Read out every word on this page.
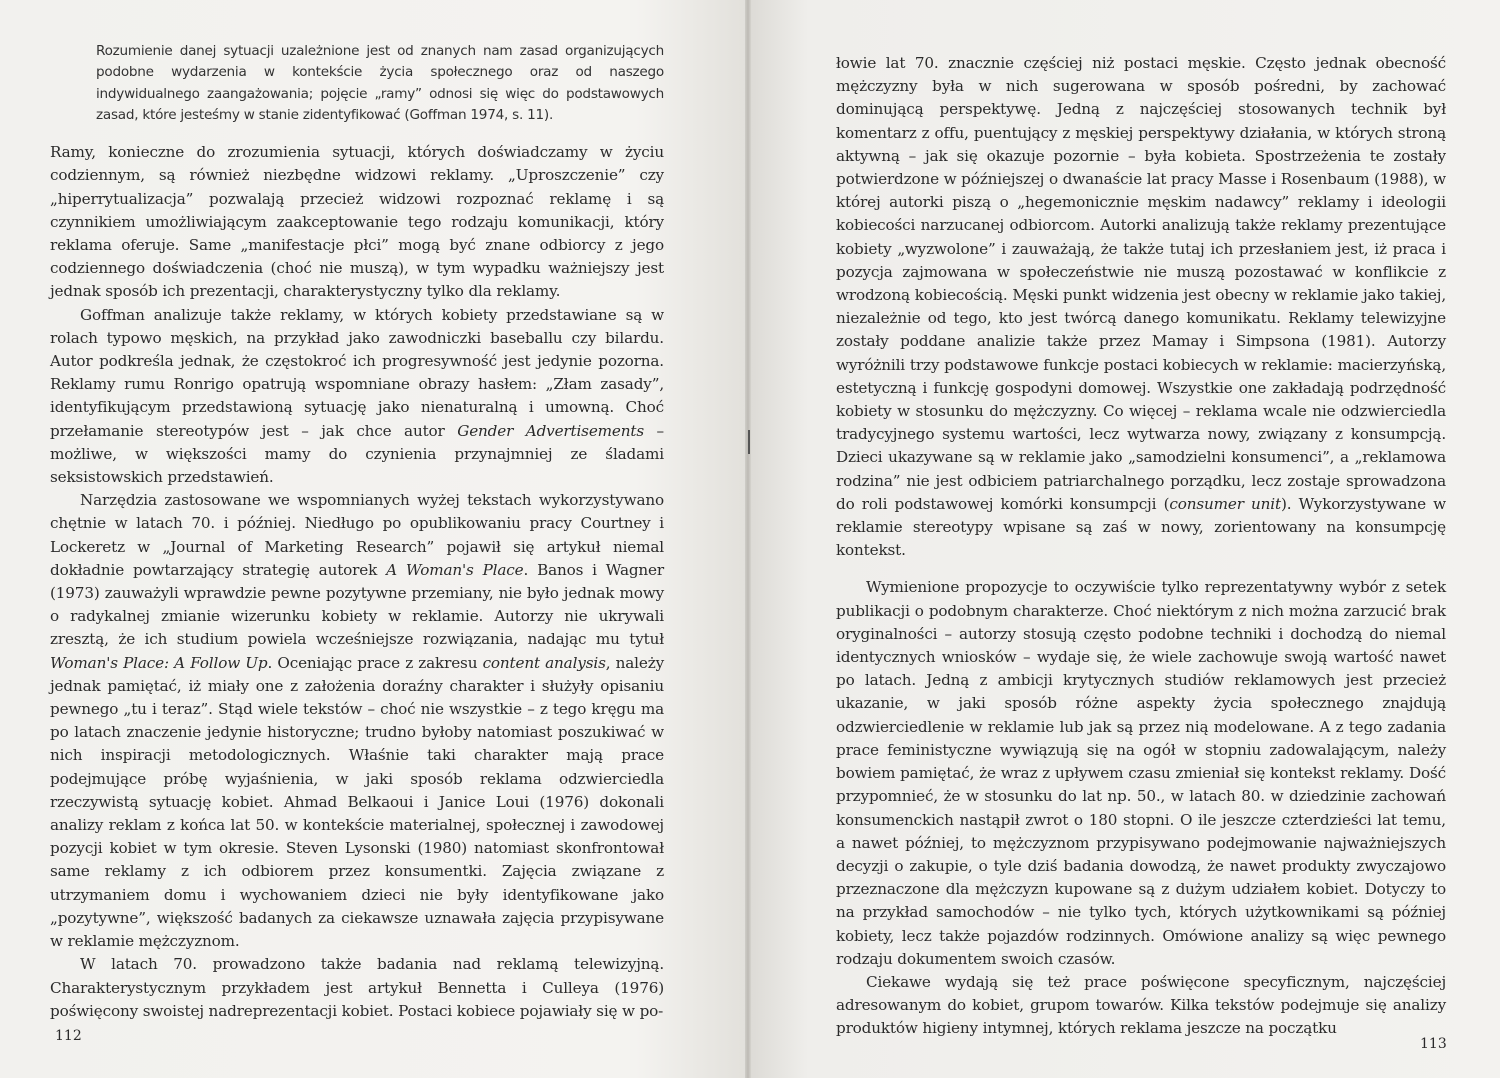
Rozumienie danej sytuacji uzależnione jest od znanych nam zasad organizujących podobne wydarzenia w kontekście życia społecznego oraz od naszego indywidualnego zaangażowania; pojęcie „ramy” odnosi się więc do podstawowych zasad, które jesteśmy w stanie zidentyfikować (Goffman 1974, s. 11).

Ramy, konieczne do zrozumienia sytuacji, których doświadczamy w życiu codziennym, są również niezbędne widzowi reklamy. „Uproszczenie” czy „hiperrytualizacja” pozwalają przecież widzowi rozpoznać reklamę i są czynnikiem umożliwiającym zaakceptowanie tego rodzaju komunikacji, który reklama oferuje. Same „manifestacje płci” mogą być znane odbiorcy z jego codziennego doświadczenia (choć nie muszą), w tym wypadku ważniejszy jest jednak sposób ich prezentacji, charakterystyczny tylko dla reklamy.

Goffman analizuje także reklamy, w których kobiety przedstawiane są w rolach typowo męskich, na przykład jako zawodniczki baseballu czy bilardu. Autor podkreśla jednak, że częstokroć ich progresywność jest jedynie pozorna. Reklamy rumu Ronrigo opatrują wspomniane obrazy hasłem: „Złam zasady”, identyfikującym przedstawioną sytuację jako nienaturalną i umowną. Choć przełamanie stereotypów jest – jak chce autor Gender Advertisements – możliwe, w większości mamy do czynienia przynajmniej ze śladami seksistowskich przedstawień.

Narzędzia zastosowane we wspomnianych wyżej tekstach wykorzystywano chętnie w latach 70. i później. Niedługo po opublikowaniu pracy Courtney i Lockeretz w „Journal of Marketing Research” pojawił się artykuł niemal dokładnie powtarzający strategię autorek A Woman's Place. Banos i Wagner (1973) zauważyli wprawdzie pewne pozytywne przemiany, nie było jednak mowy o radykalnej zmianie wizerunku kobiety w reklamie. Autorzy nie ukrywali zresztą, że ich studium powiela wcześniejsze rozwiązania, nadając mu tytuł Woman's Place: A Follow Up. Oceniając prace z zakresu content analysis, należy jednak pamiętać, iż miały one z założenia doraźny charakter i służyły opisaniu pewnego „tu i teraz”. Stąd wiele tekstów – choć nie wszystkie – z tego kręgu ma po latach znaczenie jedynie historyczne; trudno byłoby natomiast poszukiwać w nich inspiracji metodologicznych. Właśnie taki charakter mają prace podejmujące próbę wyjaśnienia, w jaki sposób reklama odzwierciedla rzeczywistą sytuację kobiet. Ahmad Belkaoui i Janice Loui (1976) dokonali analizy reklam z końca lat 50. w kontekście materialnej, społecznej i zawodowej pozycji kobiet w tym okresie. Steven Lysonski (1980) natomiast skonfrontował same reklamy z ich odbiorem przez konsumentki. Zajęcia związane z utrzymaniem domu i wychowaniem dzieci nie były identyfikowane jako „pozytywne”, większość badanych za ciekawsze uznawała zajęcia przypisywane w reklamie mężczyznom.

W latach 70. prowadzono także badania nad reklamą telewizyjną. Charakterystycznym przykładem jest artykuł Bennetta i Culleya (1976) poświęcony swoistej nadreprezentacji kobiet. Postaci kobiece pojawiały się w po-

112

łowie lat 70. znacznie częściej niż postaci męskie. Często jednak obecność mężczyzny była w nich sugerowana w sposób pośredni, by zachować dominującą perspektywę. Jedną z najczęściej stosowanych technik był komentarz z offu, puentujący z męskiej perspektywy działania, w których stroną aktywną – jak się okazuje pozornie – była kobieta. Spostrzeżenia te zostały potwierdzone w późniejszej o dwanaście lat pracy Masse i Rosenbaum (1988), w której autorki piszą o „hegemonicznie męskim nadawcy” reklamy i ideologii kobiecości narzucanej odbiorcom. Autorki analizują także reklamy prezentujące kobiety „wyzwolone” i zauważają, że także tutaj ich przesłaniem jest, iż praca i pozycja zajmowana w społeczeństwie nie muszą pozostawać w konflikcie z wrodzoną kobiecością. Męski punkt widzenia jest obecny w reklamie jako takiej, niezależnie od tego, kto jest twórcą danego komunikatu. Reklamy telewizyjne zostały poddane analizie także przez Mamay i Simpsona (1981). Autorzy wyróżnili trzy podstawowe funkcje postaci kobiecych w reklamie: macierzyńską, estetyczną i funkcję gospodyni domowej. Wszystkie one zakładają podrzędność kobiety w stosunku do mężczyzny. Co więcej – reklama wcale nie odzwierciedla tradycyjnego systemu wartości, lecz wytwarza nowy, związany z konsumpcją. Dzieci ukazywane są w reklamie jako „samodzielni konsumenci”, a „reklamowa rodzina” nie jest odbiciem patriarchalnego porządku, lecz zostaje sprowadzona do roli podstawowej komórki konsumpcji (consumer unit). Wykorzystywane w reklamie stereotypy wpisane są zaś w nowy, zorientowany na konsumpcję kontekst.

Wymienione propozycje to oczywiście tylko reprezentatywny wybór z setek publikacji o podobnym charakterze. Choć niektórym z nich można zarzucić brak oryginalności – autorzy stosują często podobne techniki i dochodzą do niemal identycznych wniosków – wydaje się, że wiele zachowuje swoją wartość nawet po latach. Jedną z ambicji krytycznych studiów reklamowych jest przecież ukazanie, w jaki sposób różne aspekty życia społecznego znajdują odzwierciedlenie w reklamie lub jak są przez nią modelowane. A z tego zadania prace feministyczne wywiązują się na ogół w stopniu zadowalającym, należy bowiem pamiętać, że wraz z upływem czasu zmieniał się kontekst reklamy. Dość przypomnieć, że w stosunku do lat np. 50., w latach 80. w dziedzinie zachowań konsumenckich nastąpił zwrot o 180 stopni. O ile jeszcze czterdzieści lat temu, a nawet później, to mężczyznom przypisywano podejmowanie najważniejszych decyzji o zakupie, o tyle dziś badania dowodzą, że nawet produkty zwyczajowo przeznaczone dla mężczyzn kupowane są z dużym udziałem kobiet. Dotyczy to na przykład samochodów – nie tylko tych, których użytkownikami są później kobiety, lecz także pojazdów rodzinnych. Omówione analizy są więc pewnego rodzaju dokumentem swoich czasów.

Ciekawe wydają się też prace poświęcone specyficznym, najczęściej adresowanym do kobiet, grupom towarów. Kilka tekstów podejmuje się analizy produktów higieny intymnej, których reklama jeszcze na początku

113
